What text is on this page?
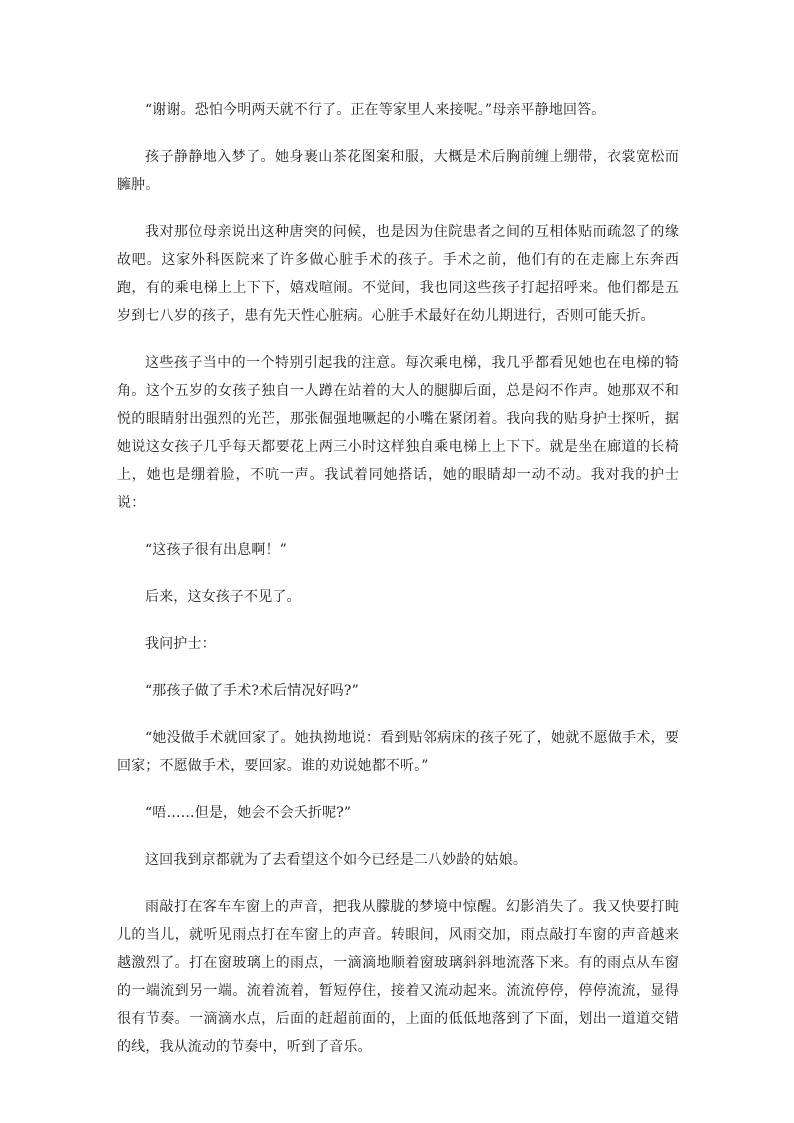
“谢谢。恐怕今明两天就不行了。正在等家里人来接呢。”母亲平静地回答。

孩子静静地入梦了。她身裹山茶花图案和服，大概是术后胸前缠上绷带，衣裳宽松而臃肿。

我对那位母亲说出这种唐突的问候，也是因为住院患者之间的互相体贴而疏忽了的缘故吧。这家外科医院来了许多做心脏手术的孩子。手术之前，他们有的在走廊上东奔西跑，有的乘电梯上上下下，嬉戏喧闹。不觉间，我也同这些孩子打起招呼来。他们都是五岁到七八岁的孩子，患有先天性心脏病。心脏手术最好在幼儿期进行，否则可能夭折。

这些孩子当中的一个特别引起我的注意。每次乘电梯，我几乎都看见她也在电梯的犄角。这个五岁的女孩子独自一人蹲在站着的大人的腿脚后面，总是闷不作声。她那双不和悦的眼睛射出强烈的光芒，那张倔强地噘起的小嘴在紧闭着。我向我的贴身护士探听，据她说这女孩子几乎每天都要花上两三小时这样独自乘电梯上上下下。就是坐在廊道的长椅上，她也是绷着脸，不吭一声。我试着同她搭话，她的眼睛却一动不动。我对我的护士说：

“这孩子很有出息啊！”

后来，这女孩子不见了。

我问护士：

“那孩子做了手术?术后情况好吗?”

“她没做手术就回家了。她执拗地说：看到贴邻病床的孩子死了，她就不愿做手术，要回家；不愿做手术，要回家。谁的劝说她都不听。”

“唔……但是，她会不会夭折呢?”

这回我到京都就为了去看望这个如今已经是二八妙龄的姑娘。

雨敲打在客车车窗上的声音，把我从朦胧的梦境中惊醒。幻影消失了。我又快要打盹儿的当儿，就听见雨点打在车窗上的声音。转眼间，风雨交加，雨点敲打车窗的声音越来越激烈了。打在窗玻璃上的雨点，一滴滴地顺着窗玻璃斜斜地流落下来。有的雨点从车窗的一端流到另一端。流着流着，暂短停住，接着又流动起来。流流停停，停停流流，显得很有节奏。一滴滴水点，后面的赶超前面的，上面的低低地落到了下面，划出一道道交错的线，我从流动的节奏中，听到了音乐。
